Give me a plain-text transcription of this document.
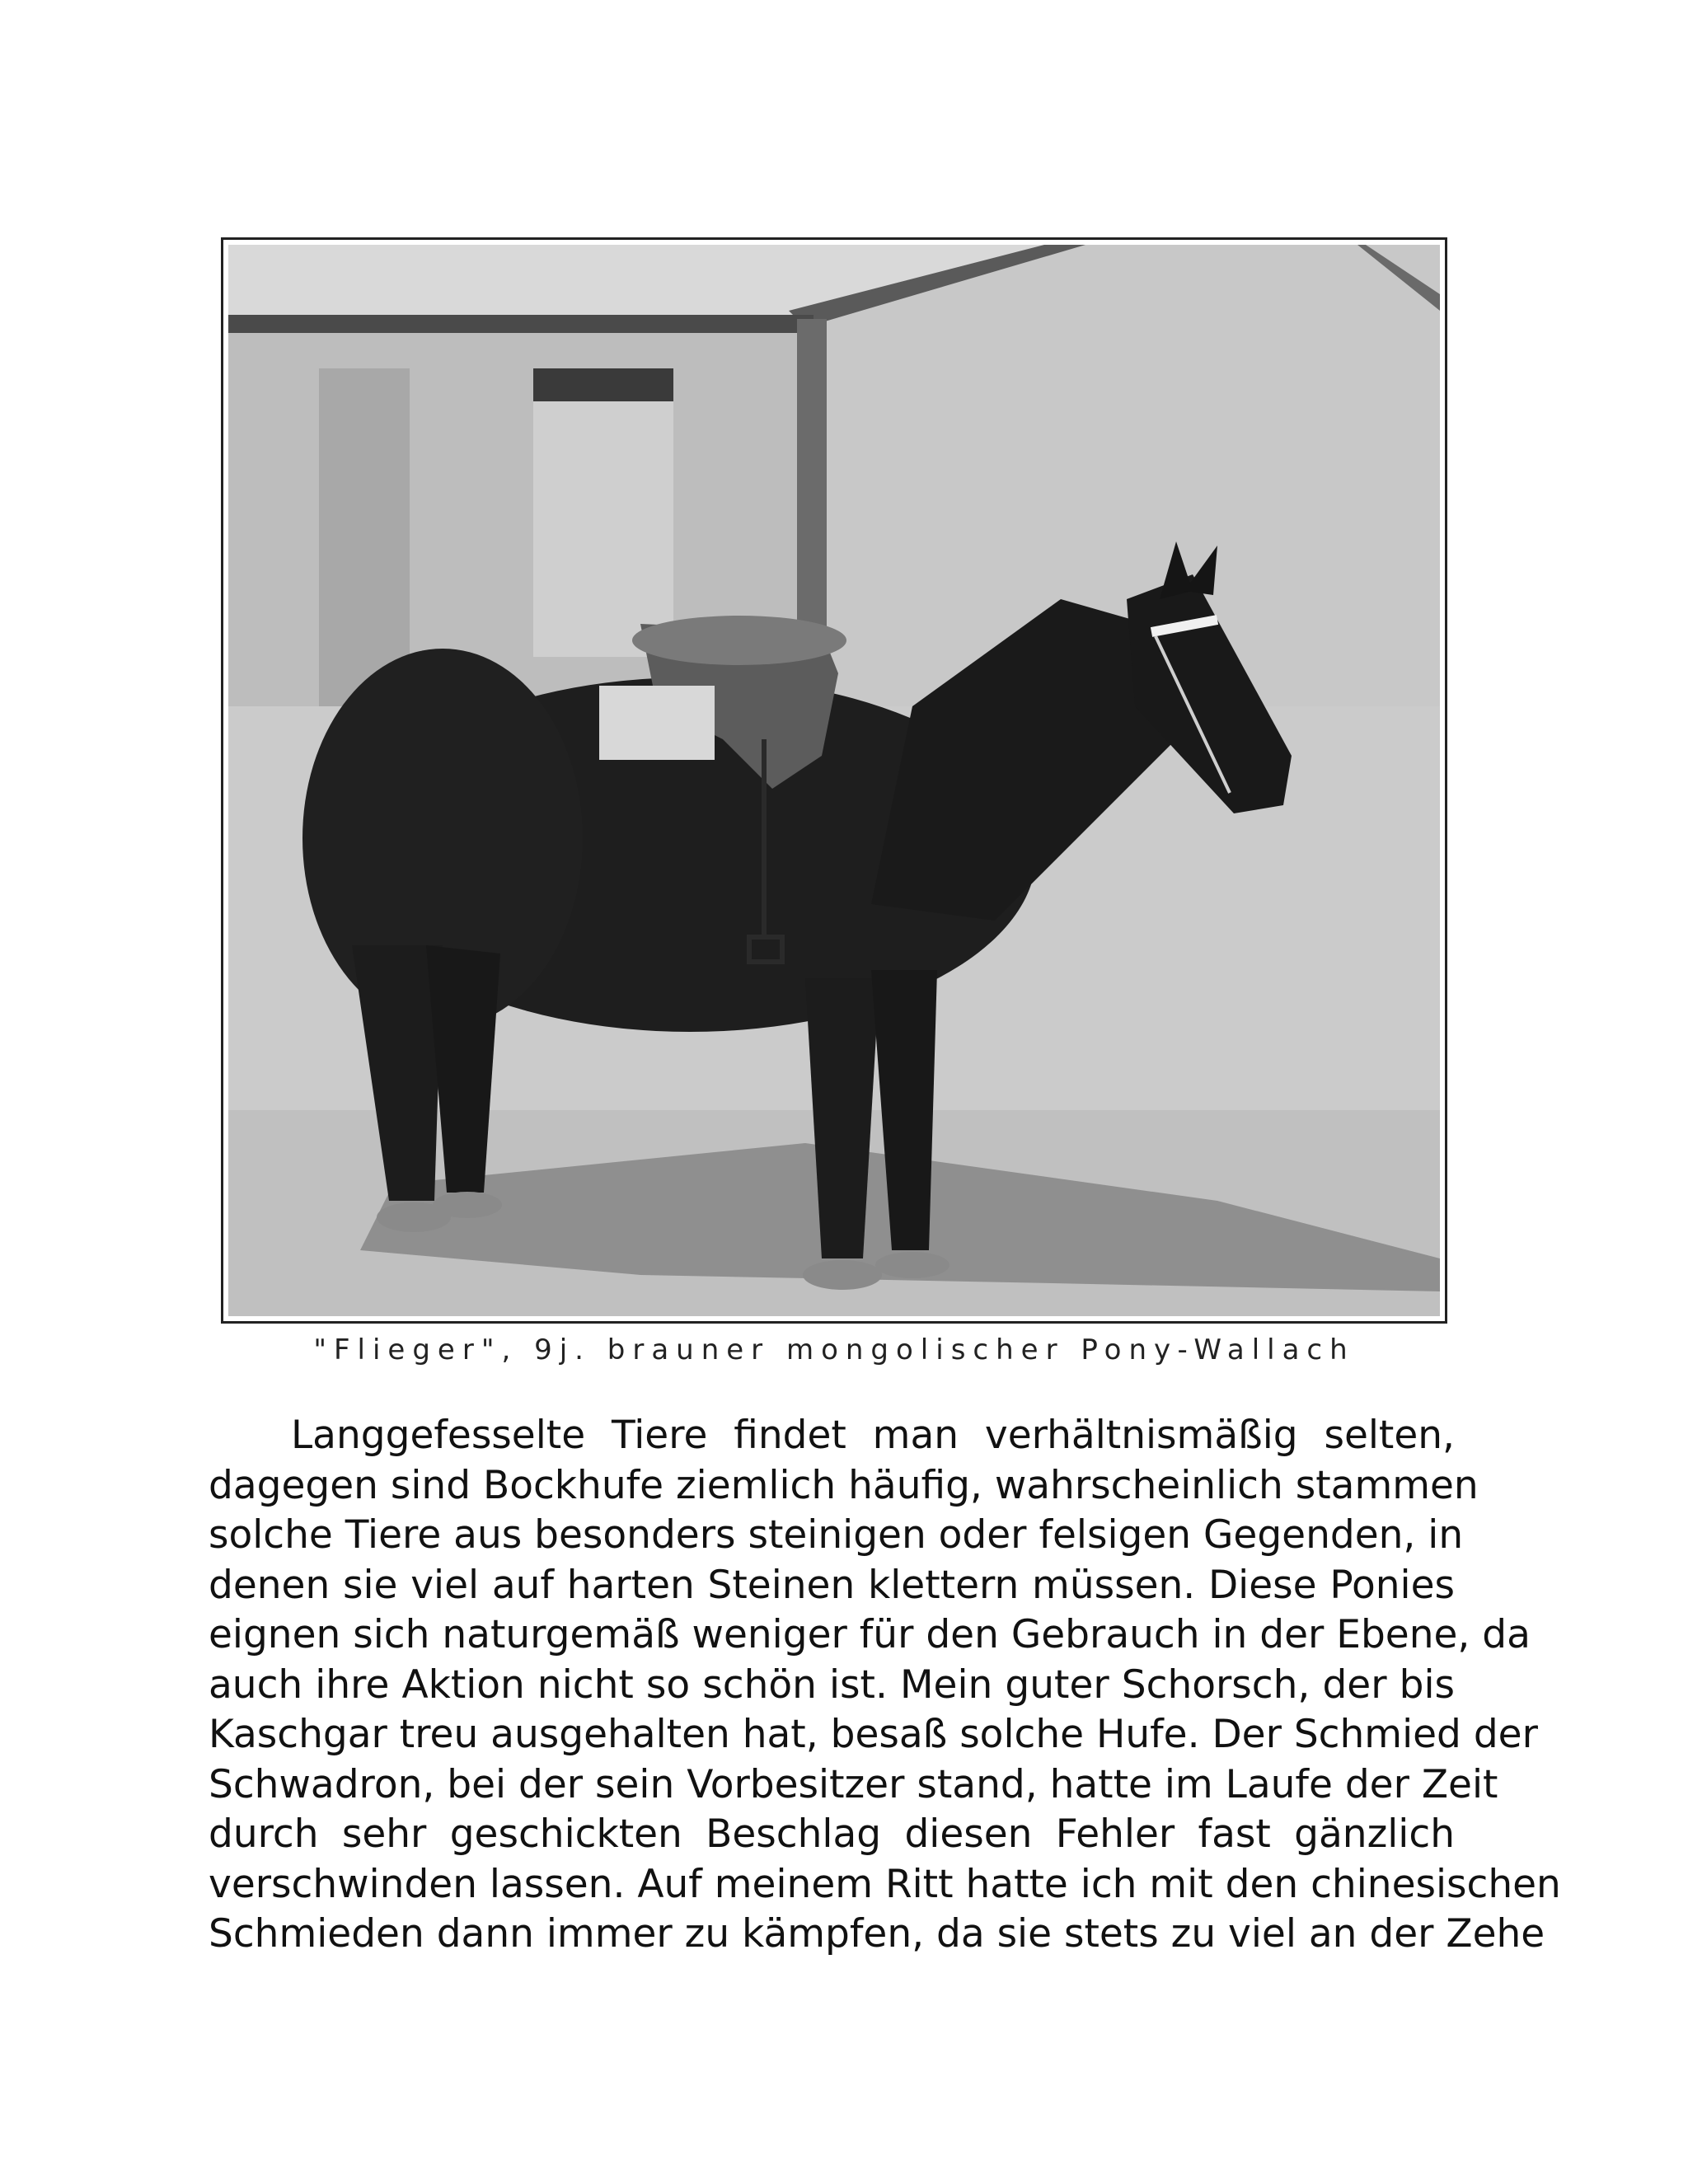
"Flieger", 9j. brauner mongolischer Pony-Wallach
Langgefesselte Tiere findet man verhältnismäßig selten,
dagegen sind Bockhufe ziemlich häufig, wahrscheinlich stammen
solche Tiere aus besonders steinigen oder felsigen Gegenden, in
denen sie viel auf harten Steinen klettern müssen. Diese Ponies
eignen sich naturgemäß weniger für den Gebrauch in der Ebene, da
auch ihre Aktion nicht so schön ist. Mein guter Schorsch, der bis
Kaschgar treu ausgehalten hat, besaß solche Hufe. Der Schmied der
Schwadron, bei der sein Vorbesitzer stand, hatte im Laufe der Zeit
durch sehr geschickten Beschlag diesen Fehler fast gänzlich
verschwinden lassen. Auf meinem Ritt hatte ich mit den chinesischen
Schmieden dann immer zu kämpfen, da sie stets zu viel an der Zehe
